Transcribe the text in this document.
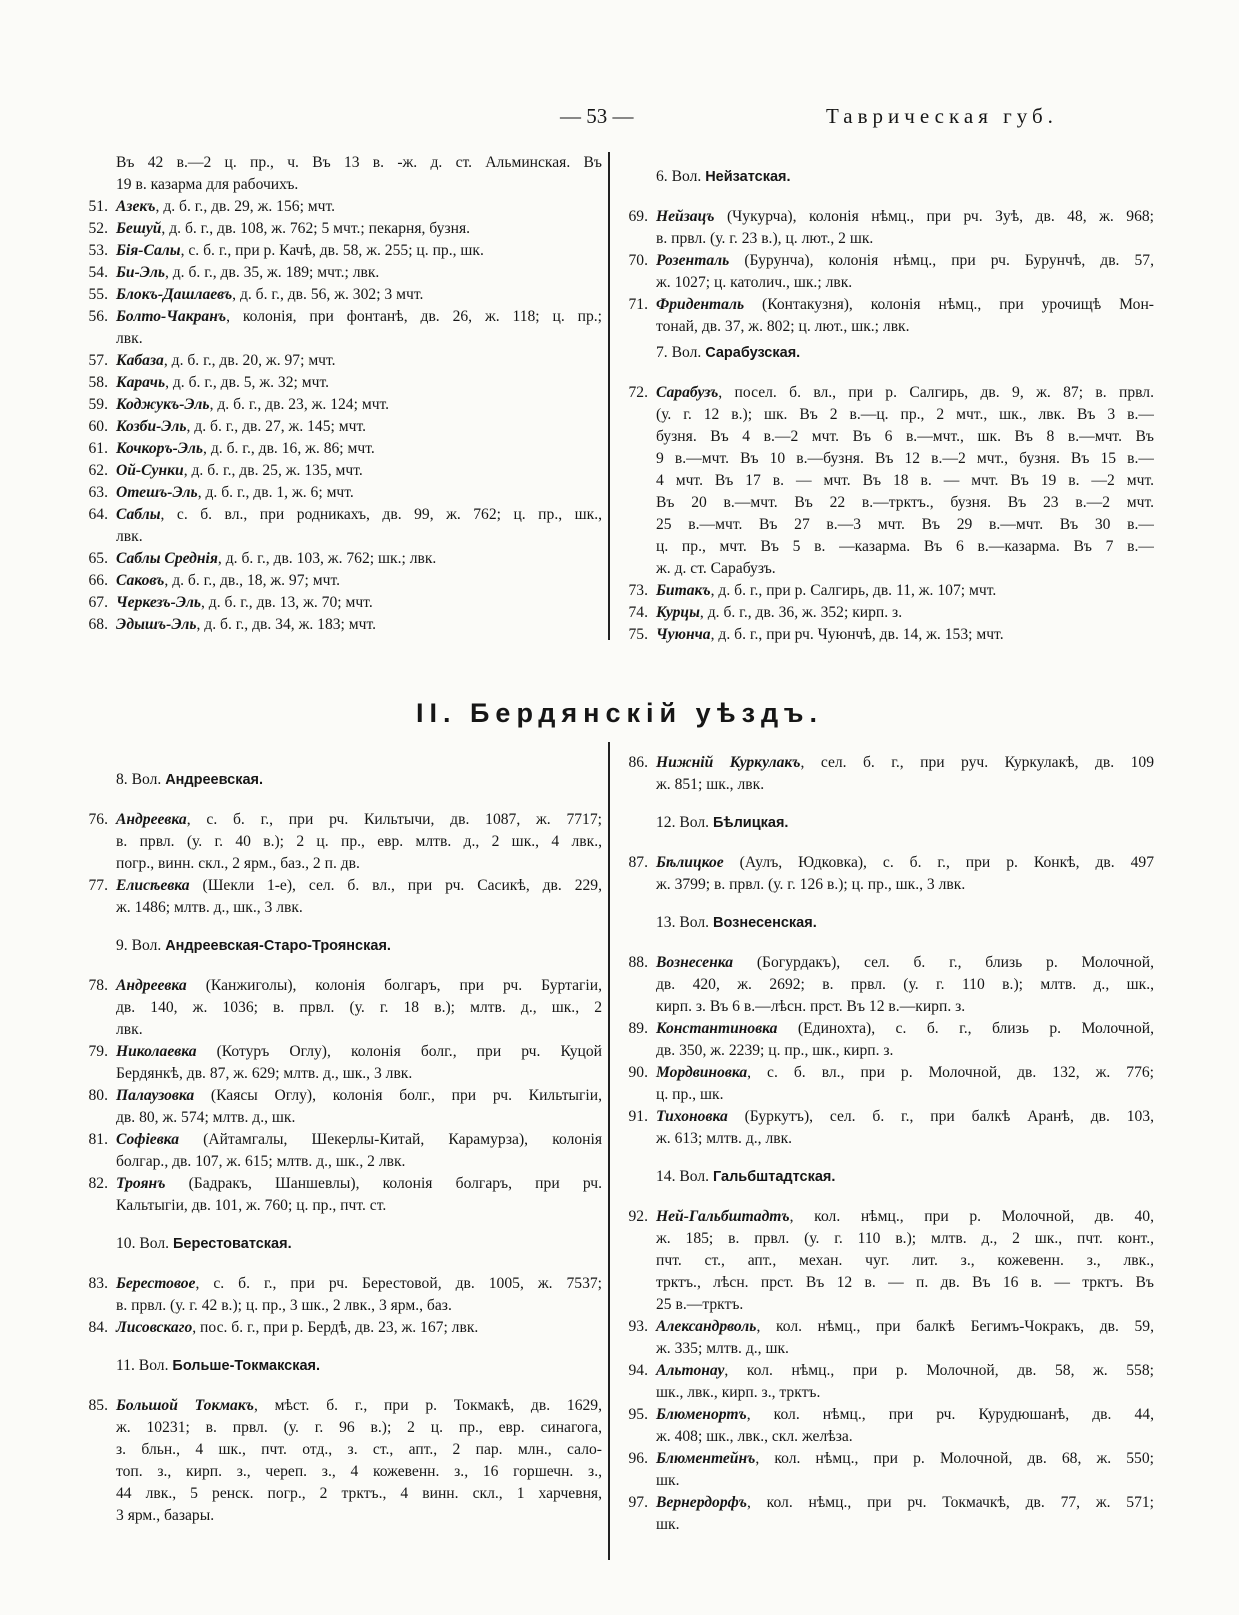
— 53 —	Таврическая губ.
Въ 42 в.—2 ц. пр., ч. Въ 13 в. -ж. д. ст. Альминская. Въ
19 в. казарма для рабочихъ.
51. Азекъ, д. б. г., дв. 29, ж. 156; мчт.
52. Бешуй, д. б. г., дв. 108, ж. 762; 5 мчт.; пекарня, бузня.
53. Бія-Салы, с. б. г., при р. Качѣ, дв. 58, ж. 255; ц. пр., шк.
54. Би-Эль, д. б. г., дв. 35, ж. 189; мчт.; лвк.
55. Блокъ-Дашлаевъ, д. б. г., дв. 56, ж. 302; 3 мчт.
56. Болто-Чакранъ, колонія, при фонтанѣ, дв. 26, ж. 118; ц. пр.;
лвк.
57. Кабаза, д. б. г., дв. 20, ж. 97; мчт.
58. Карачь, д. б. г., дв. 5, ж. 32; мчт.
59. Коджукъ-Эль, д. б. г., дв. 23, ж. 124; мчт.
60. Козби-Эль, д. б. г., дв. 27, ж. 145; мчт.
61. Кочкоръ-Эль, д. б. г., дв. 16, ж. 86; мчт.
62. Ой-Сунки, д. б. г., дв. 25, ж. 135, мчт.
63. Отешъ-Эль, д. б. г., дв. 1, ж. 6; мчт.
64. Саблы, с. б. вл., при родникахъ, дв. 99, ж. 762; ц. пр., шк.,
лвк.
65. Саблы Среднія, д. б. г., дв. 103, ж. 762; шк.; лвк.
66. Саковъ, д. б. г., дв., 18, ж. 97; мчт.
67. Черкезъ-Эль, д. б. г., дв. 13, ж. 70; мчт.
68. Эдышъ-Эль, д. б. г., дв. 34, ж. 183; мчт.
6. Вол. Нейзатская.
69. Нейзацъ (Чукурча), колонія нѣмц., при рч. Зуѣ, дв. 48, ж. 968;
в. првл. (у. г. 23 в.), ц. лют., 2 шк.
70. Розенталь (Бурунча), колонія нѣмц., при рч. Бурунчѣ, дв. 57,
ж. 1027; ц. католич., шк.; лвк.
71. Фриденталь (Контакузня), колонія нѣмц., при урочищѣ Мон-
тонай, дв. 37, ж. 802; ц. лют., шк.; лвк.
7. Вол. Сарабузская.
72. Сарабузъ, посел. б. вл., при р. Салгирь, дв. 9, ж. 87; в. првл.
(у. г. 12 в.); шк. Въ 2 в.—ц. пр., 2 мчт., шк., лвк. Въ 3 в.—
бузня. Въ 4 в.—2 мчт. Въ 6 в.—мчт., шк. Въ 8 в.—мчт. Въ
9 в.—мчт. Въ 10 в.—бузня. Въ 12 в.—2 мчт., бузня. Въ 15 в.—
4 мчт. Въ 17 в. — мчт. Въ 18 в. — мчт. Въ 19 в. —2 мчт.
Въ 20 в.—мчт. Въ 22 в.—трктъ., бузня. Въ 23 в.—2 мчт.
25 в.—мчт. Въ 27 в.—3 мчт. Въ 29 в.—мчт. Въ 30 в.—
ц. пр., мчт. Въ 5 в. —казарма. Въ 6 в.—казарма. Въ 7 в.—
ж. д. ст. Сарабузъ.
73. Битакъ, д. б. г., при р. Салгирь, дв. 11, ж. 107; мчт.
74. Курцы, д. б. г., дв. 36, ж. 352; кирп. з.
75. Чуюнча, д. б. г., при рч. Чуюнчѣ, дв. 14, ж. 153; мчт.
II. Бердянскій уѣздъ.
8. Вол. Андреевская.
76. Андреевка, с. б. г., при рч. Кильтычи, дв. 1087, ж. 7717;
в. првл. (у. г. 40 в.); 2 ц. пр., евр. млтв. д., 2 шк., 4 лвк.,
погр., винн. скл., 2 ярм., баз., 2 п. дв.
77. Елисѣевка (Шекли 1-е), сел. б. вл., при рч. Сасикѣ, дв. 229,
ж. 1486; млтв. д., шк., 3 лвк.
9. Вол. Андреевская-Старо-Троянская.
78. Андреевка (Канжиголы), колонія болгаръ, при рч. Буртагіи,
дв. 140, ж. 1036; в. првл. (у. г. 18 в.); млтв. д., шк., 2
лвк.
79. Николаевка (Котуръ Оглу), колонія болг., при рч. Куцой
Бердянкѣ, дв. 87, ж. 629; млтв. д., шк., 3 лвк.
80. Палаузовка (Каясы Оглу), колонія болг., при рч. Кильтыгіи,
дв. 80, ж. 574; млтв. д., шк.
81. Софіевка (Айтамгалы, Шекерлы-Китай, Карамурза), колонія
болгар., дв. 107, ж. 615; млтв. д., шк., 2 лвк.
82. Троянъ (Бадракъ, Шаншевлы), колонія болгаръ, при рч.
Кальтыгіи, дв. 101, ж. 760; ц. пр., пчт. ст.
10. Вол. Берестоватская.
83. Берестовое, с. б. г., при рч. Берестовой, дв. 1005, ж. 7537;
в. првл. (у. г. 42 в.); ц. пр., 3 шк., 2 лвк., 3 ярм., баз.
84. Лисовскаго, пос. б. г., при р. Бердѣ, дв. 23, ж. 167; лвк.
11. Вол. Больше-Токмакская.
85. Большой Токмакъ, мѣст. б. г., при р. Токмакѣ, дв. 1629,
ж. 10231; в. првл. (у. г. 96 в.); 2 ц. пр., евр. синагога,
з. бльн., 4 шк., пчт. отд., з. ст., апт., 2 пар. млн., сало-
топ. з., кирп. з., череп. з., 4 кожевенн. з., 16 горшечн. з.,
44 лвк., 5 ренск. погр., 2 трктъ., 4 винн. скл., 1 харчевня,
3 ярм., базары.
86. Нижній Куркулакъ, сел. б. г., при руч. Куркулакѣ, дв. 109
ж. 851; шк., лвк.
12. Вол. Бѣлицкая.
87. Бѣлицкое (Аулъ, Юдковка), с. б. г., при р. Конкѣ, дв. 497
ж. 3799; в. првл. (у. г. 126 в.); ц. пр., шк., 3 лвк.
13. Вол. Вознесенская.
88. Вознесенка (Богурдакъ), сел. б. г., близь р. Молочной,
дв. 420, ж. 2692; в. првл. (у. г. 110 в.); млтв. д., шк.,
кирп. з. Въ 6 в.—лѣсн. прст. Въ 12 в.—кирп. з.
89. Константиновка (Единохта), с. б. г., близь р. Молочной,
дв. 350, ж. 2239; ц. пр., шк., кирп. з.
90. Мордвиновка, с. б. вл., при р. Молочной, дв. 132, ж. 776;
ц. пр., шк.
91. Тихоновка (Буркутъ), сел. б. г., при балкѣ Аранѣ, дв. 103,
ж. 613; млтв. д., лвк.
14. Вол. Гальбштадтская.
92. Ней-Гальбштадтъ, кол. нѣмц., при р. Молочной, дв. 40,
ж. 185; в. првл. (у. г. 110 в.); млтв. д., 2 шк., пчт. конт.,
пчт. ст., апт., механ. чуг. лит. з., кожевенн. з., лвк.,
трктъ., лѣсн. прст. Въ 12 в. — п. дв. Въ 16 в. — трктъ. Въ
25 в.—трктъ.
93. Александрволь, кол. нѣмц., при балкѣ Бегимъ-Чокракъ, дв. 59,
ж. 335; млтв. д., шк.
94. Альтонау, кол. нѣмц., при р. Молочной, дв. 58, ж. 558;
шк., лвк., кирп. з., трктъ.
95. Блюменортъ, кол. нѣмц., при рч. Курудюшанѣ, дв. 44,
ж. 408; шк., лвк., скл. желѣза.
96. Блюментейнъ, кол. нѣмц., при р. Молочной, дв. 68, ж. 550;
шк.
97. Вернердорфъ, кол. нѣмц., при рч. Токмачкѣ, дв. 77, ж. 571;
шк.
